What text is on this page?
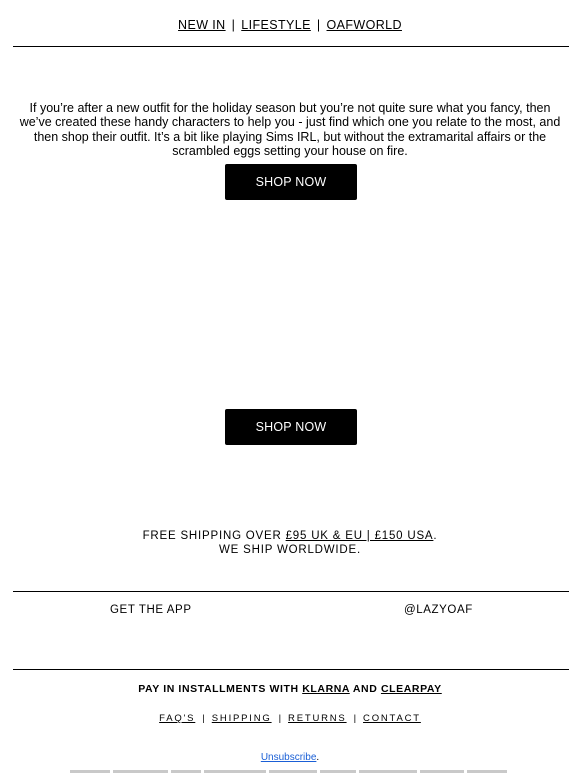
NEW IN | LIFESTYLE | OAFWORLD

If you’re after a new outfit for the holiday season but you’re not quite sure what you fancy, then we’ve created these handy characters to help you - just find which one you relate to the most, and then shop their outfit. It’s a bit like playing Sims IRL, but without the extramarital affairs or the scrambled eggs setting your house on fire.

SHOP NOW
SHOP NOW
FREE SHIPPING OVER £95 UK & EU | £150 USA.
WE SHIP WORLDWIDE.
GET THE APP	@LAZYOAF
PAY IN INSTALLMENTS WITH KLARNA AND CLEARPAY
FAQ'S | SHIPPING | RETURNS | CONTACT
Unsubscribe.
